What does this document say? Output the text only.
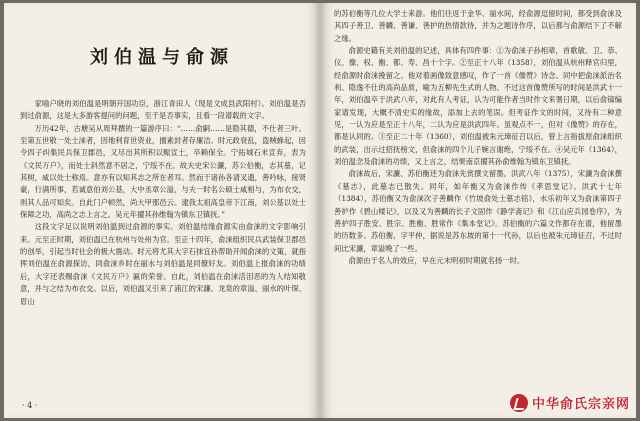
刘伯温与俞源

家喻户晓的刘伯温是明朝开国功臣，浙江青田人（现是文成县武阳村）。刘伯温是否到过俞源，这是大多游客提问的问题，至于是否事实，且看一段谱载的文字。

万历42年，古塘吴从周拜撰的一篇游序曰：“……俞嗣……是隐其德，不仕者三叶。至第五世敬一处士涞者，因地利育世资业，擅素封者存廉洁。时元政衰乱，盗贼蜂起，因令四子纠集民兵保卫郡邑，又尽出其所积以赈宣土，卒赖保全。宁拓城石米宣弃，表为《文民万户》，而处士斜然意不居之，宁绥不在。故夫史宋公濂，苏公伯衡，志其墓，记其树，咸以处士称焉。意亦有以知其志之所在者耳。然而于诸孙各请叉遗，善吟咏，接贤豪，行满所事，若诚意伯刘公基，大中丞章公溢，与夫一时名公硕士咸相与，为布衣交，则其人品可知矣。自此门户顿然，尚大甲那邑云。逮我太祖高皇帝下江南，刘公基以处士保障之功，高尚之志上言之。吴元年擢其孙维翰为镇东卫镇抚。”

这段文字足以说明刘伯温到过俞源的事实。刘伯温结缘俞源实由俞涞的文字影响引来。元至正时期，刘伯温已在杭州与处州为官。至正十四年，俞涞组织民兵武装保卫郡邑的创举，引起当时社会的极大震动。时元将尤其大字石抹宜孙帮助开闻俞涞的文策，就指挥刘伯温在俞源探访，同俞涞乡时在丽水与刘伯温是同僚好友。刘伯温上报俞涞的功绩后，大字还表赐俞涞《文民万户》匾的荣誉。自此，刘伯温在俞涞活泪恶的为人结知敬意，并与之结为布衣交。以后，刘伯温又引来了浦江的宋濂、龙泉的章溢、丽水的叶琛、眉山

· 4 ·

的苏伯衡等几位大学士来游。他们往返于金华、丽水间，经俞源逗留时间，都受到俞涞及其四子善卫、善麟、善谦、善护的热情款待，并为之题诗作序，以后都与俞源结下了不解之缘。

俞源史籍有关刘伯温的记述，具体有四件事：①为俞涞子孙相辈，首歌敏、卫、恭、仪、像、权、衡、都、寿、昌十个字。②至正十八年（1358），刘伯温从杭州释官归里，经俞源时俞涞挽留之。他对着画像致意感叹，作了一首《像赞》诗念。同中把俞涞派治名利、隐逸不仕的高尚品质，喻为五柳先生式的人物。不过这首像赞所写的时间是洪武十一年，刘伯温卒于洪武八年，对此有人考证，认为可能作者当时作文来署日期，以后俞镐编家谱发现，大概不清史实的缘故，添加上去的笔误。但考证作文的时间，又待有二种意见，一认为应是至正十八年，二认为应是洪武四年。虽观点不一，但对《像赞》的存在，都是认同的。③至正二十年（1360），刘伯温被朱元璋征召以后，曾上言指拔原俞涞组织的武装，出示过招抚榜文，但俞涞的四个儿子婉言谢绝，宁绥不在。④吴元年（1364），刘伯温念及俞涞的功绩，又上言之，结果南京擢其孙俞维翰为镇东卫镇抚。

俞涞故后，宋濂、苏伯衡还为俞涞先赏撰文留墨。洪武八年（1375），宋濂为俞涞撰《墓志》，此墓志已散失。同年，如年衡又为俞涞作传《孝思堂记》。洪武十七年（1384），苏伯衡又为俞涞次子善麟作《竹坡俞处士墓志铭》，水乐初年又为俞涞第四子善护作《碧山楼记》，以及又为善麟的长子文固作《静学斋记》和《江山应兵园卷序》，为善护四子胜安、胜宗、胜衡、胜常作《集本堂记》。苏伯衡的六篇文作都存在谱，他留墨的历数多。苏伯衡，字平仲，据说是苏东坡的第十一代孙，以后也被朱元璋征召，不过时间比宋濂，章溢晚了一些。

俞源由于名人的效应，早在元末明初时期就名扬一时。

中华俞氏宗亲网
